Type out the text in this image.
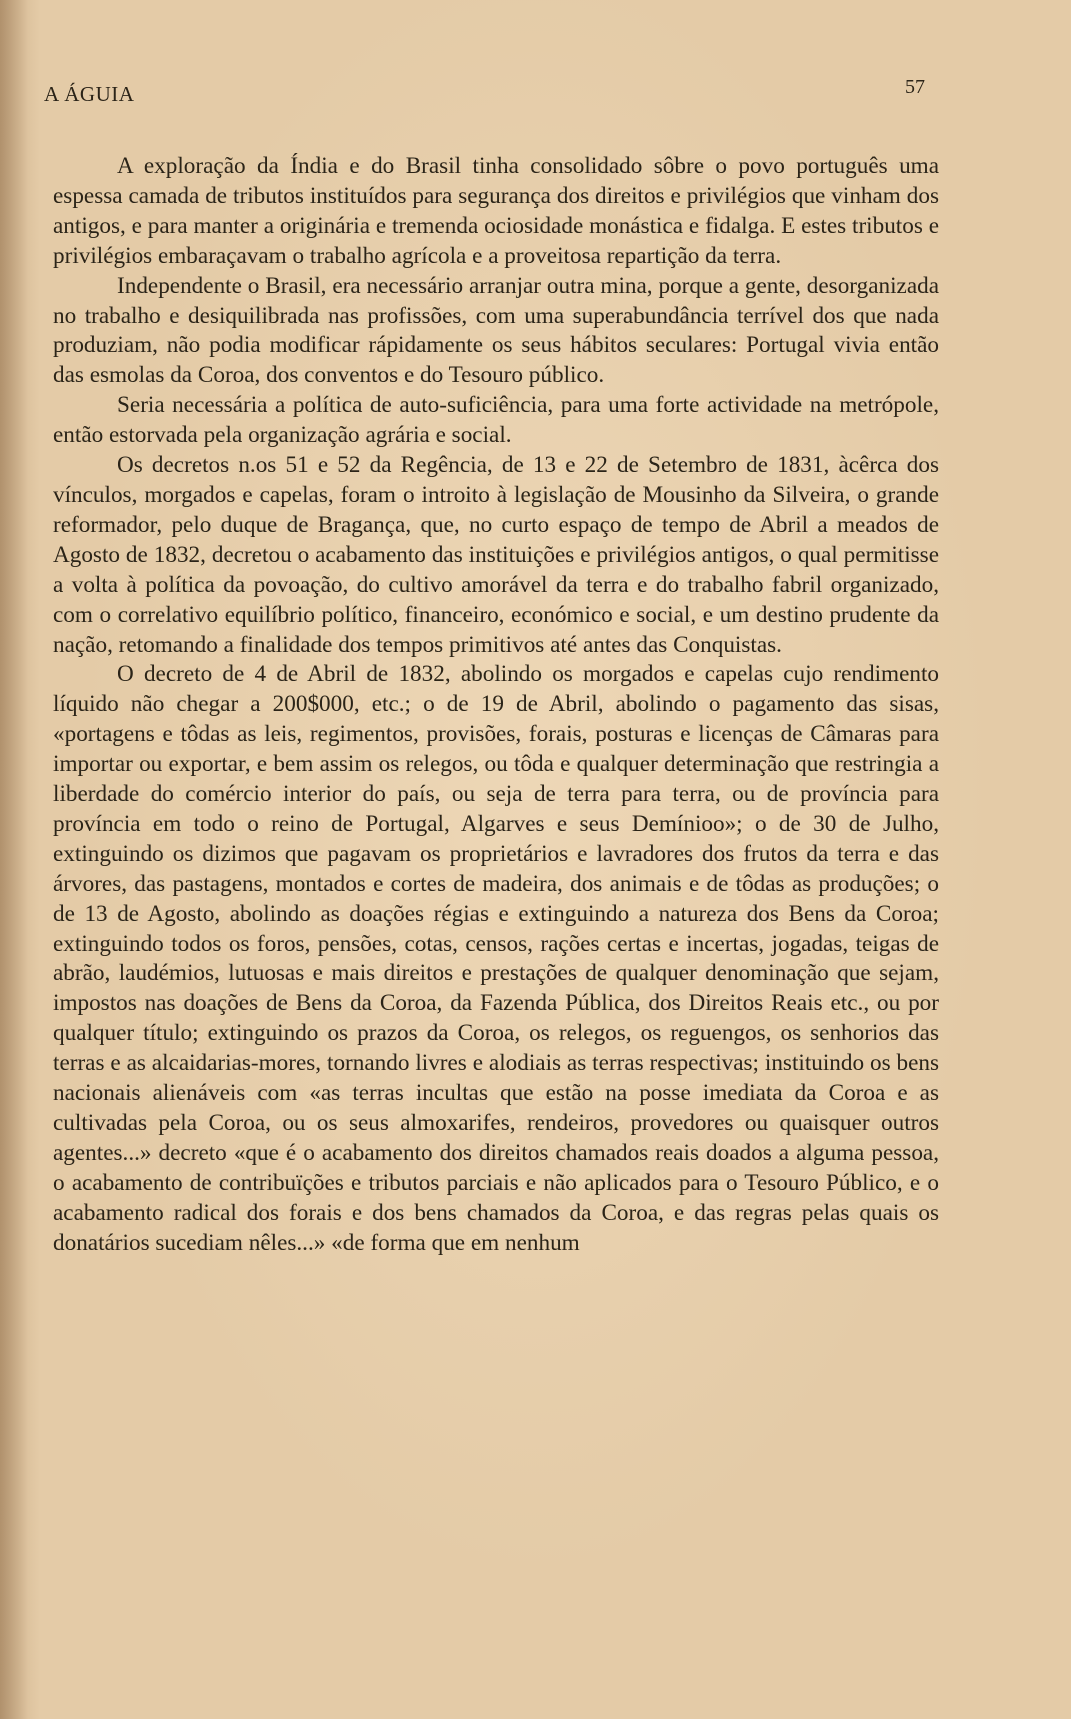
A ÁGUIA	57

A exploração da Índia e do Brasil tinha consolidado sôbre o povo português uma espessa camada de tributos instituídos para segurança dos direitos e privilégios que vinham dos antigos, e para manter a originária e tremenda ociosidade monástica e fidalga. E estes tributos e privilégios embaraçavam o trabalho agrícola e a proveitosa repartição da terra.

Independente o Brasil, era necessário arranjar outra mina, porque a gente, desorganizada no trabalho e desiquilibrada nas profissões, com uma superabundância terrível dos que nada produziam, não podia modificar rápidamente os seus hábitos seculares: Portugal vivia então das esmolas da Coroa, dos conventos e do Tesouro público.

Seria necessária a política de auto-suficiência, para uma forte actividade na metrópole, então estorvada pela organização agrária e social.

Os decretos n.os 51 e 52 da Regência, de 13 e 22 de Setembro de 1831, àcêrca dos vínculos, morgados e capelas, foram o introito à legislação de Mousinho da Silveira, o grande reformador, pelo duque de Bragança, que, no curto espaço de tempo de Abril a meados de Agosto de 1832, decretou o acabamento das instituições e privilégios antigos, o qual permitisse a volta à política da povoação, do cultivo amorável da terra e do trabalho fabril organizado, com o correlativo equilíbrio político, financeiro, económico e social, e um destino prudente da nação, retomando a finalidade dos tempos primitivos até antes das Conquistas.

O decreto de 4 de Abril de 1832, abolindo os morgados e capelas cujo rendimento líquido não chegar a 200$000, etc.; o de 19 de Abril, abolindo o pagamento das sisas, «portagens e tôdas as leis, regimentos, provisões, forais, posturas e licenças de Câmaras para importar ou exportar, e bem assim os relegos, ou tôda e qualquer determinação que restringia a liberdade do comércio interior do país, ou seja de terra para terra, ou de província para província em todo o reino de Portugal, Algarves e seus Demínioo»; o de 30 de Julho, extinguindo os dizimos que pagavam os proprietários e lavradores dos frutos da terra e das árvores, das pastagens, montados e cortes de madeira, dos animais e de tôdas as produções; o de 13 de Agosto, abolindo as doações régias e extinguindo a natureza dos Bens da Coroa; extinguindo todos os foros, pensões, cotas, censos, rações certas e incertas, jogadas, teigas de abrão, laudémios, lutuosas e mais direitos e prestações de qualquer denominação que sejam, impostos nas doações de Bens da Coroa, da Fazenda Pública, dos Direitos Reais etc., ou por qualquer título; extinguindo os prazos da Coroa, os relegos, os reguengos, os senhorios das terras e as alcaidarias-mores, tornando livres e alodiais as terras respectivas; instituindo os bens nacionais alienáveis com «as terras incultas que estão na posse imediata da Coroa e as cultivadas pela Coroa, ou os seus almoxarifes, rendeiros, provedores ou quaisquer outros agentes...» decreto «que é o acabamento dos direitos chamados reais doados a alguma pessoa, o acabamento de contribuïções e tributos parciais e não aplicados para o Tesouro Público, e o acabamento radical dos forais e dos bens chamados da Coroa, e das regras pelas quais os donatários sucediam nêles...» «de forma que em nenhum
